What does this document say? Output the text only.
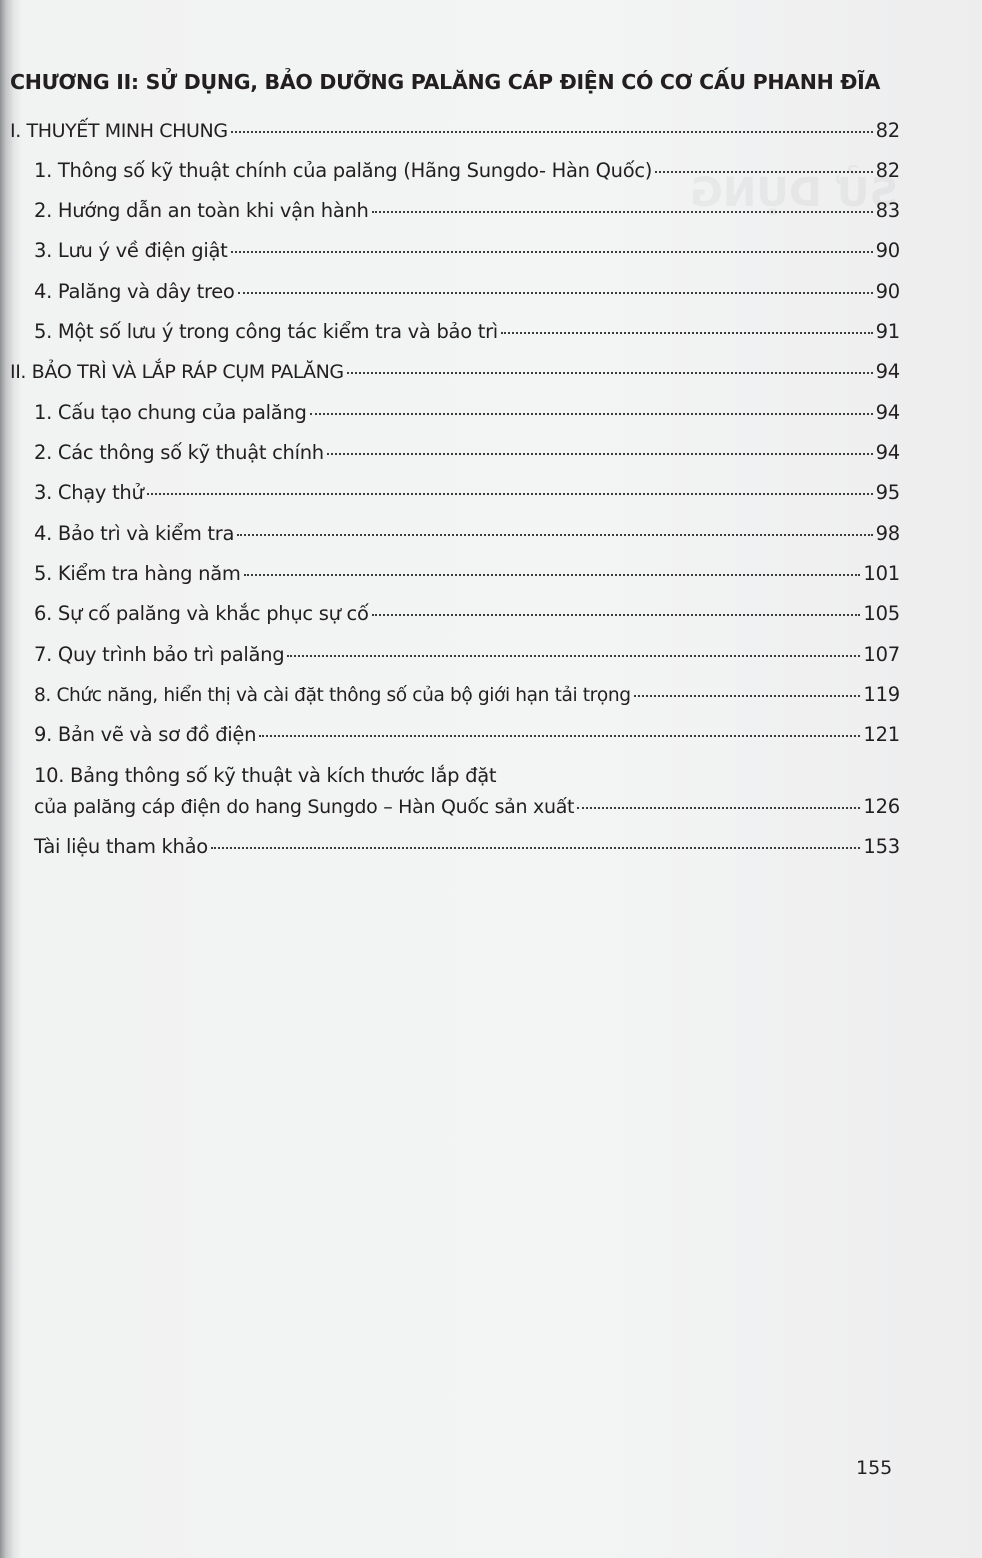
CHƯƠNG II: SỬ DỤNG, BẢO DƯỠNG PALĂNG CÁP ĐIỆN CÓ CƠ CẤU PHANH ĐĨA
I. THUYẾT MINH CHUNG	82
1. Thông số kỹ thuật chính của palăng (Hãng Sungdo- Hàn Quốc)	82
2. Hướng dẫn an toàn khi vận hành	83
3. Lưu ý về điện giật	90
4. Palăng và dây treo	90
5. Một số lưu ý trong công tác kiểm tra và bảo trì	91
II. BẢO TRÌ VÀ LẮP RÁP CỤM PALĂNG	94
1. Cấu tạo chung của palăng	94
2. Các thông số kỹ thuật chính	94
3. Chạy thử	95
4. Bảo trì và kiểm tra	98
5. Kiểm tra hàng năm	101
6. Sự cố palăng và khắc phục sự cố	105
7. Quy trình bảo trì palăng	107
8. Chức năng, hiển thị và cài đặt thông số của bộ giới hạn tải trọng	119
9. Bản vẽ và sơ đồ điện	121
10. Bảng thông số kỹ thuật và kích thước lắp đặt
của palăng cáp điện do hang Sungdo – Hàn Quốc sản xuất	126
Tài liệu tham khảo	153
155
